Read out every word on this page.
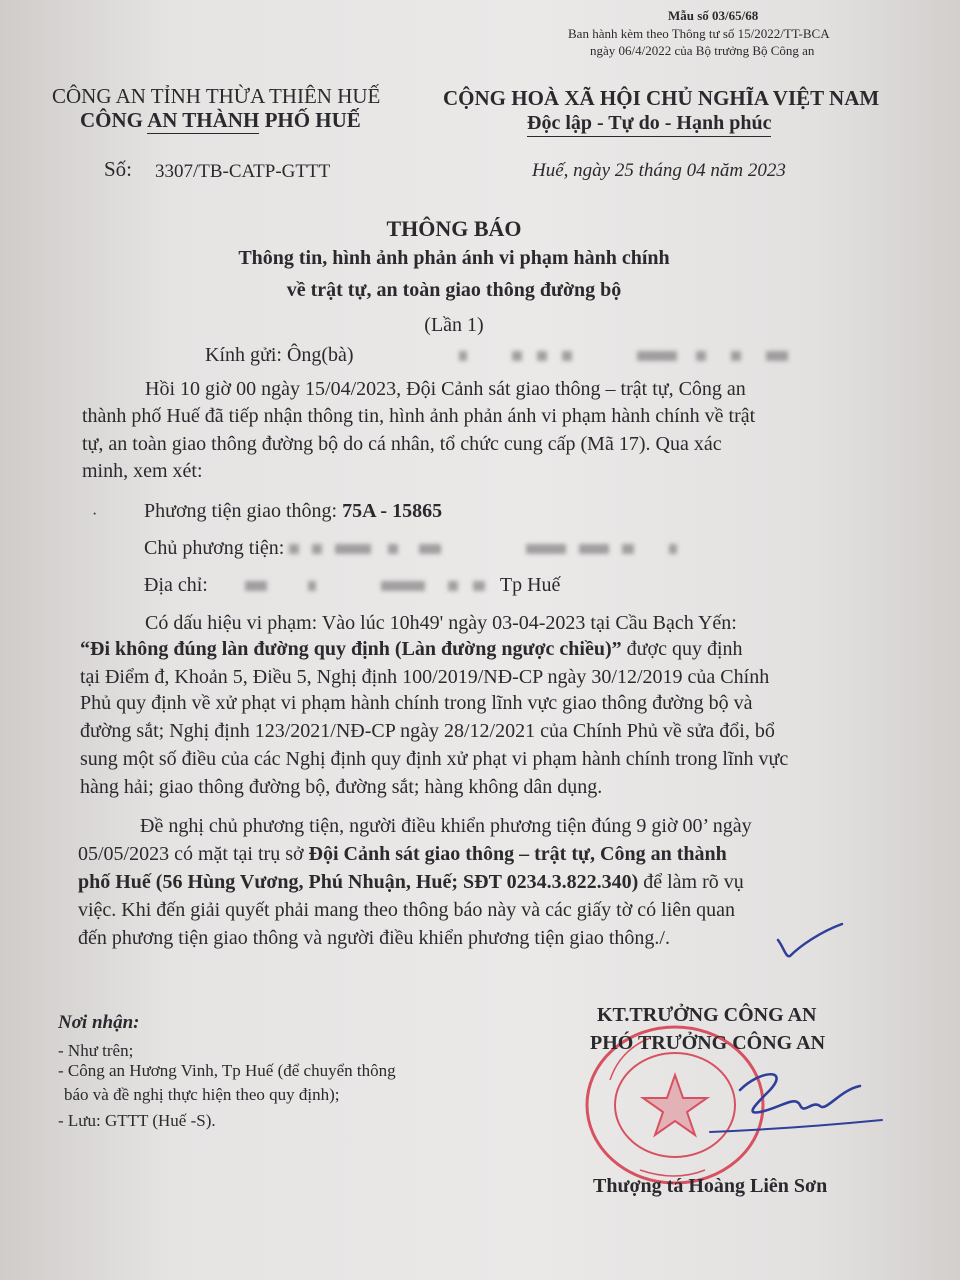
Mẫu số 03/65/68
Ban hành kèm theo Thông tư số 15/2022/TT-BCA
ngày 06/4/2022 của Bộ trưởng Bộ Công an
CÔNG AN TỈNH THỪA THIÊN HUẾ
CÔNG AN THÀNH PHỐ HUẾ
CỘNG HOÀ XÃ HỘI CHỦ NGHĨA VIỆT NAM
Độc lập - Tự do - Hạnh phúc
Số: 3307/TB-CATP-GTTT	Huế, ngày 25 tháng 04 năm 2023
THÔNG BÁO
Thông tin, hình ảnh phản ánh vi phạm hành chính
về trật tự, an toàn giao thông đường bộ
(Lần 1)
Kính gửi: Ông(bà)
Hồi 10 giờ 00 ngày 15/04/2023, Đội Cảnh sát giao thông – trật tự, Công an
thành phố Huế đã tiếp nhận thông tin, hình ảnh phản ánh vi phạm hành chính về trật
tự, an toàn giao thông đường bộ do cá nhân, tổ chức cung cấp (Mã 17). Qua xác
minh, xem xét:
· Phương tiện giao thông: 75A - 15865
Chủ phương tiện:
Địa chỉ:	Tp Huế
Có dấu hiệu vi phạm: Vào lúc 10h49' ngày 03-04-2023 tại Cầu Bạch Yến:
“Đi không đúng làn đường quy định (Làn đường ngược chiều)” được quy định
tại Điểm đ, Khoản 5, Điều 5, Nghị định 100/2019/NĐ-CP ngày 30/12/2019 của Chính
Phủ quy định về xử phạt vi phạm hành chính trong lĩnh vực giao thông đường bộ và
đường sắt; Nghị định 123/2021/NĐ-CP ngày 28/12/2021 của Chính Phủ về sửa đổi, bổ
sung một số điều của các Nghị định quy định xử phạt vi phạm hành chính trong lĩnh vực
hàng hải; giao thông đường bộ, đường sắt; hàng không dân dụng.
Đề nghị chủ phương tiện, người điều khiển phương tiện đúng 9 giờ 00’ ngày
05/05/2023 có mặt tại trụ sở Đội Cảnh sát giao thông – trật tự, Công an thành
phố Huế (56 Hùng Vương, Phú Nhuận, Huế; SĐT 0234.3.822.340) để làm rõ vụ
việc. Khi đến giải quyết phải mang theo thông báo này và các giấy tờ có liên quan
đến phương tiện giao thông và người điều khiển phương tiện giao thông./.
Nơi nhận:
- Như trên;
- Công an Hương Vinh, Tp Huế (để chuyển thông
báo và đề nghị thực hiện theo quy định);
- Lưu: GTTT (Huế -S).
KT.TRƯỞNG CÔNG AN
PHÓ TRƯỞNG CÔNG AN
Thượng tá Hoàng Liên Sơn
